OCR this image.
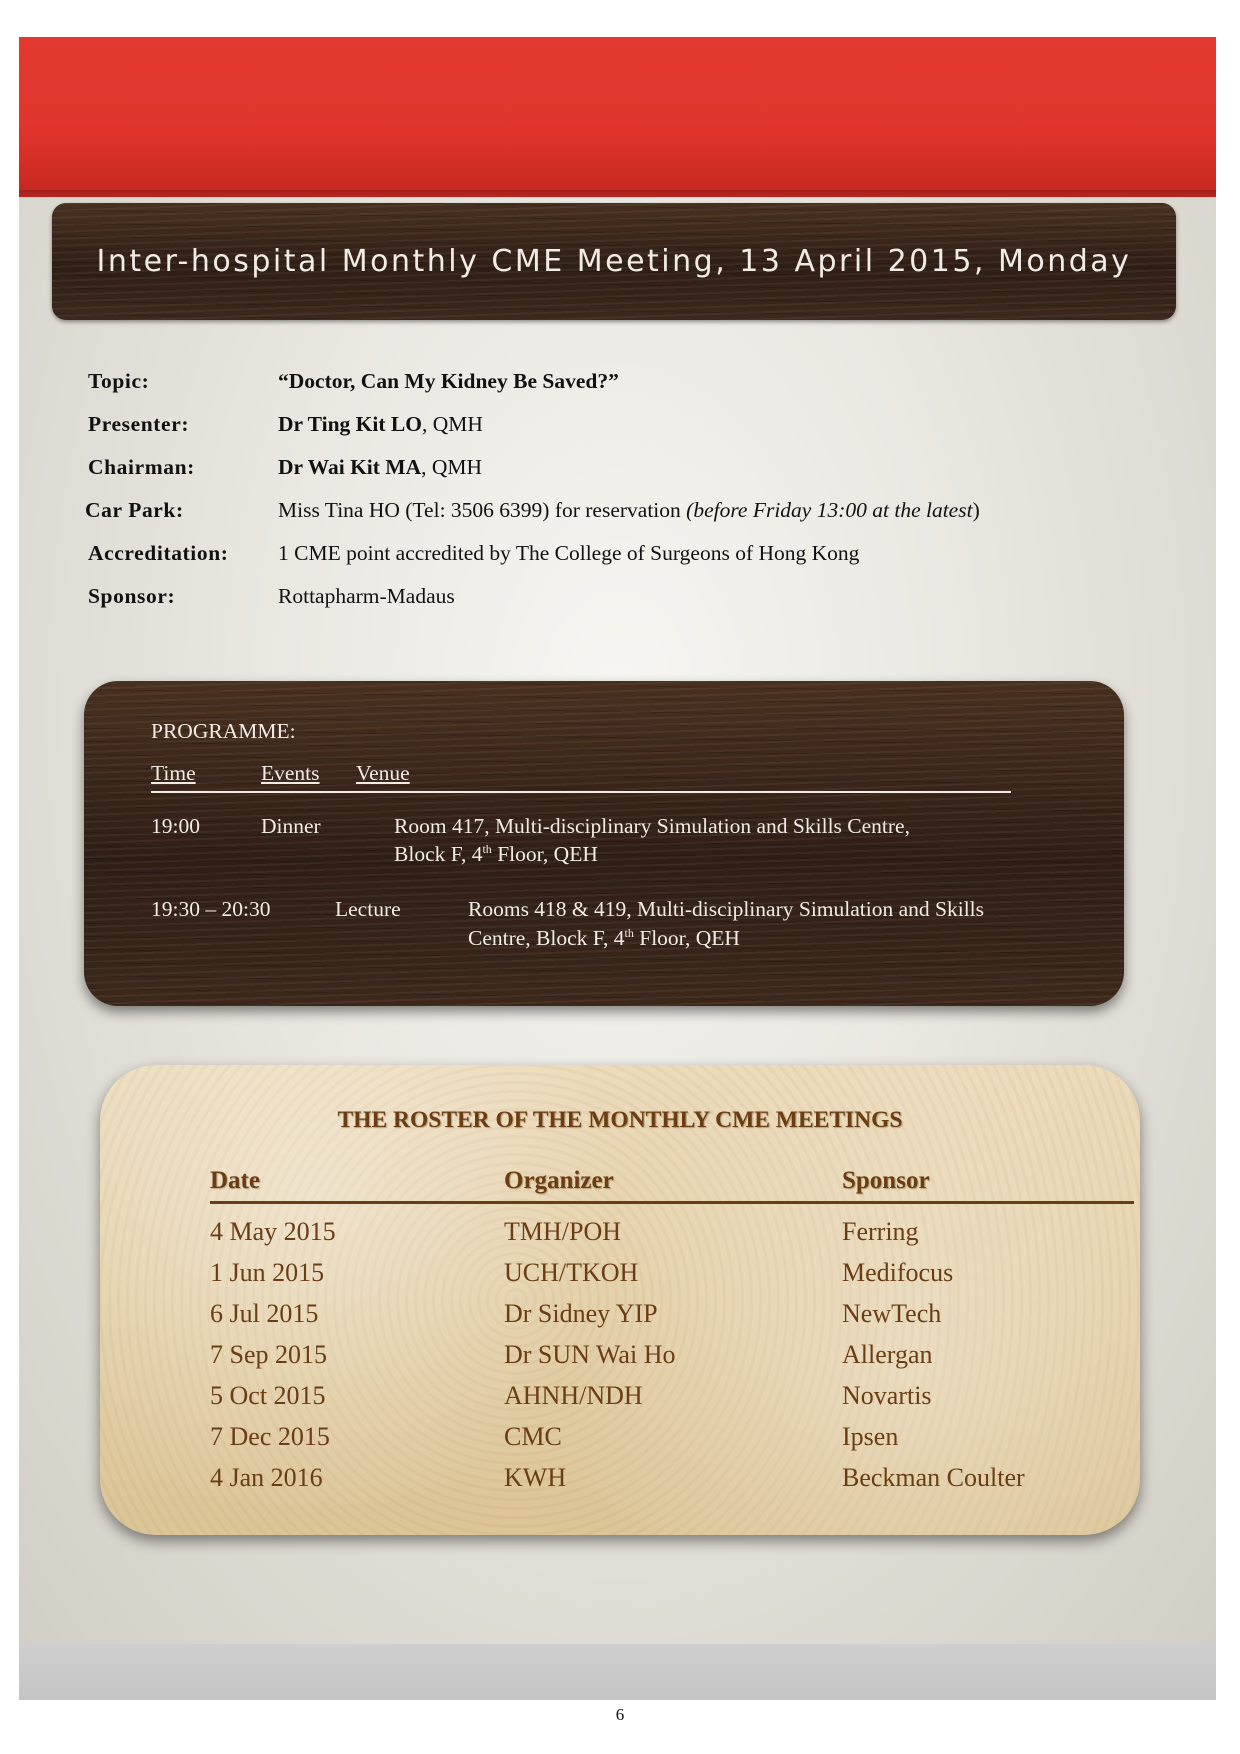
Inter-hospital Monthly CME Meeting, 13 April 2015, Monday
Topic:	“Doctor, Can My Kidney Be Saved?”
Presenter:	Dr Ting Kit LO, QMH
Chairman:	Dr Wai Kit MA, QMH
Car Park:	Miss Tina HO (Tel: 3506 6399) for reservation (before Friday 13:00 at the latest)
Accreditation:	1 CME point accredited by The College of Surgeons of Hong Kong
Sponsor:	Rottapharm-Madaus
PROGRAMME:
Time	Events Venue
19:00	Dinner	Room 417, Multi-disciplinary Simulation and Skills Centre,
Block F, 4th Floor, QEH
19:30 – 20:30	Lecture	Rooms 418 & 419, Multi-disciplinary Simulation and Skills
Centre, Block F, 4th Floor, QEH
THE ROSTER OF THE MONTHLY CME MEETINGS
Date	Organizer	Sponsor
4 May 2015	TMH/POH	Ferring
1 Jun 2015	UCH/TKOH	Medifocus
6 Jul 2015	Dr Sidney YIP	NewTech
7 Sep 2015	Dr SUN Wai Ho	Allergan
5 Oct 2015	AHNH/NDH	Novartis
7 Dec 2015	CMC	Ipsen
4 Jan 2016	KWH	Beckman Coulter
6
